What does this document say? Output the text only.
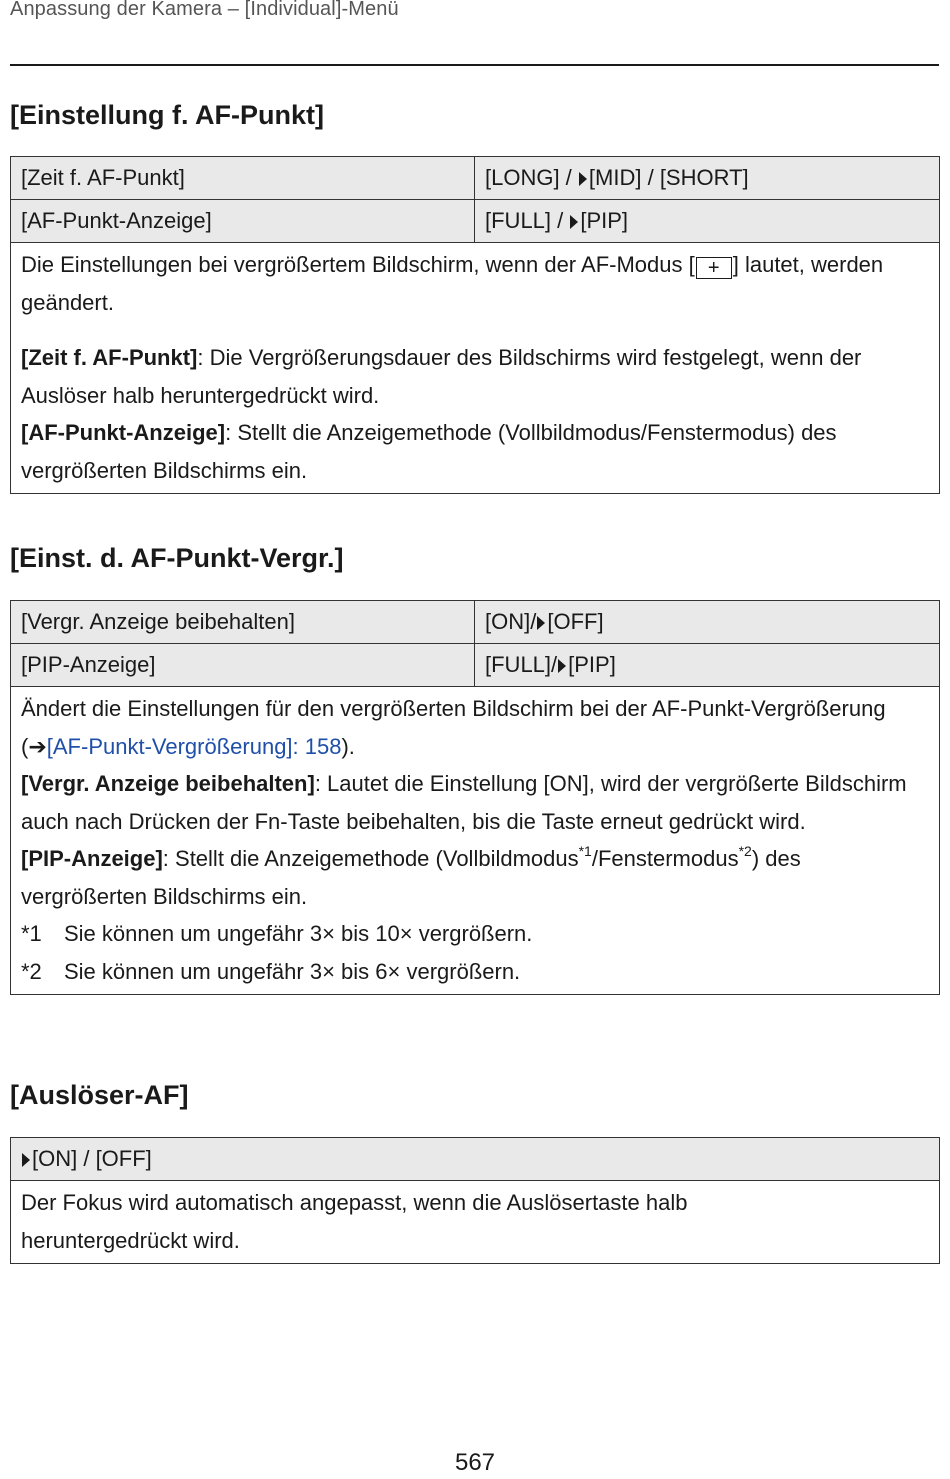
Anpassung der Kamera – [Individual]-Menü
[Einstellung f. AF-Punkt]
[Zeit f. AF-Punkt]	[LONG] / [MID] / [SHORT]
[AF-Punkt-Anzeige]	[FULL] / [PIP]

Die Einstellungen bei vergrößertem Bildschirm, wenn der AF-Modus [ + ] lautet, werden geändert.
[Zeit f. AF-Punkt]: Die Vergrößerungsdauer des Bildschirms wird festgelegt, wenn der Auslöser halb heruntergedrückt wird.
[AF-Punkt-Anzeige]: Stellt die Anzeigemethode (Vollbildmodus/Fenstermodus) des vergrößerten Bildschirms ein.	
[Einst. d. AF-Punkt-Vergr.]
[Vergr. Anzeige beibehalten]	[ON]/ [OFF]
[PIP-Anzeige]	[FULL]/ [PIP]

Ändert die Einstellungen für den vergrößerten Bildschirm bei der AF-Punkt-Vergrößerung (➔[AF-Punkt-Vergrößerung]: 158).
[Vergr. Anzeige beibehalten]: Lautet die Einstellung [ON], wird der vergrößerte Bildschirm auch nach Drücken der Fn-Taste beibehalten, bis die Taste erneut gedrückt wird.
[PIP-Anzeige]: Stellt die Anzeigemethode (Vollbildmodus$^{*1}$/Fenstermodus$^{*2}$) des vergrößerten Bildschirms ein.
*1 Sie können um ungefähr 3× bis 10× vergrößern.
*2 Sie können um ungefähr 3× bis 6× vergrößern.	
[Auslöser-AF]
[ON] / [OFF]

Der Fokus wird automatisch angepasst, wenn die Auslösertaste halb heruntergedrückt wird.
567
